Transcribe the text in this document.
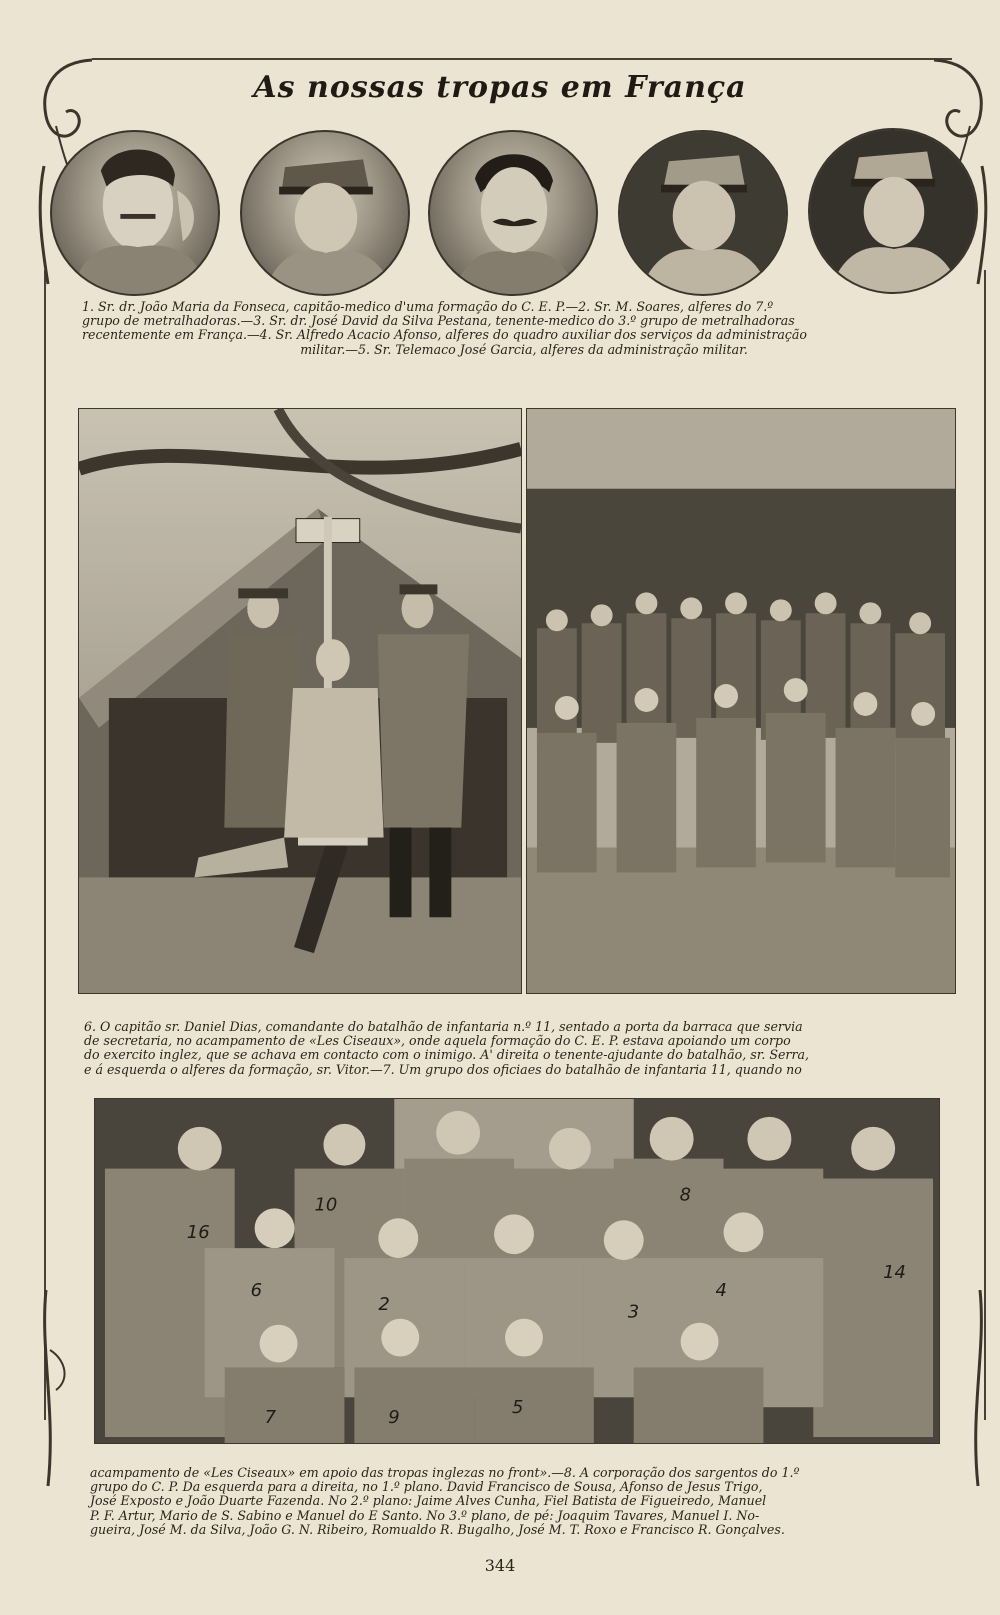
As nossas tropas em França

1. Sr. dr. João Maria da Fonseca, capitão-medico d'uma formação do C. E. P.—2. Sr. M. Soares, alferes do 7.º

grupo de metralhadoras.—3. Sr. dr. José David da Silva Pestana, tenente-medico do 3.º grupo de metralhadoras

recentemente em França.—4. Sr. Alfredo Acacio Afonso, alferes do quadro auxiliar dos serviços da administração

militar.—5. Sr. Telemaco José Garcia, alferes da administração militar.

6. O capitão sr. Daniel Dias, comandante do batalhão de infantaria n.º 11, sentado a porta da barraca que servia

de secretaria, no acampamento de «Les Ciseaux», onde aquela formação do C. E. P. estava apoiando um corpo

do exercito inglez, que se achava em contacto com o inimigo. A' direita o tenente-ajudante do batalhão, sr. Serra,

e á esquerda o alferes da formação, sr. Vitor.—7. Um grupo dos oficiaes do batalhão de infantaria 11, quando no

16
10	8
6
2	3
4
14
7	9	5

acampamento de «Les Ciseaux» em apoio das tropas inglezas no front».—8. A corporação dos sargentos do 1.º

grupo do C. P. Da esquerda para a direita, no 1.º plano. David Francisco de Sousa, Afonso de Jesus Trigo,

José Exposto e João Duarte Fazenda. No 2.º plano: Jaime Alves Cunha, Fiel Batista de Figueiredo, Manuel

P. F. Artur, Mario de S. Sabino e Manuel do E Santo. No 3.º plano, de pé: Joaquim Tavares, Manuel I. No-

gueira, José M. da Silva, João G. N. Ribeiro, Romualdo R. Bugalho, José M. T. Roxo e Francisco R. Gonçalves.

344
